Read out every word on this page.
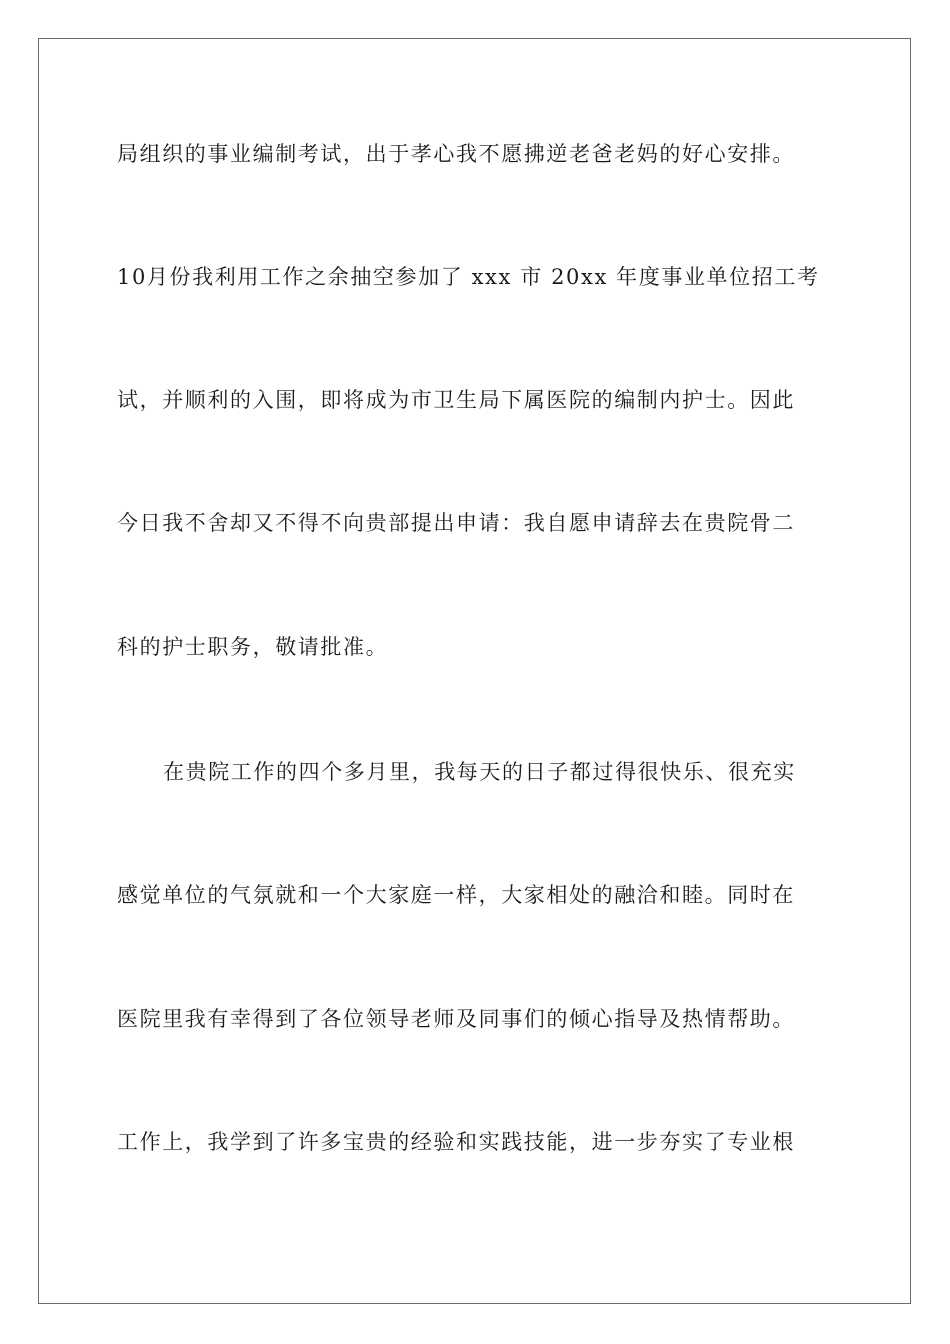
局组织的事业编制考试，出于孝心我不愿拂逆老爸老妈的好心安排。
10月份我利用工作之余抽空参加了 xxx 市 20xx 年度事业单位招工考
试，并顺利的入围，即将成为市卫生局下属医院的编制内护士。因此
今日我不舍却又不得不向贵部提出申请：我自愿申请辞去在贵院骨二
科的护士职务，敬请批准。
在贵院工作的四个多月里，我每天的日子都过得很快乐、很充实
感觉单位的气氛就和一个大家庭一样，大家相处的融洽和睦。同时在
医院里我有幸得到了各位领导老师及同事们的倾心指导及热情帮助。
工作上，我学到了许多宝贵的经验和实践技能，进一步夯实了专业根
